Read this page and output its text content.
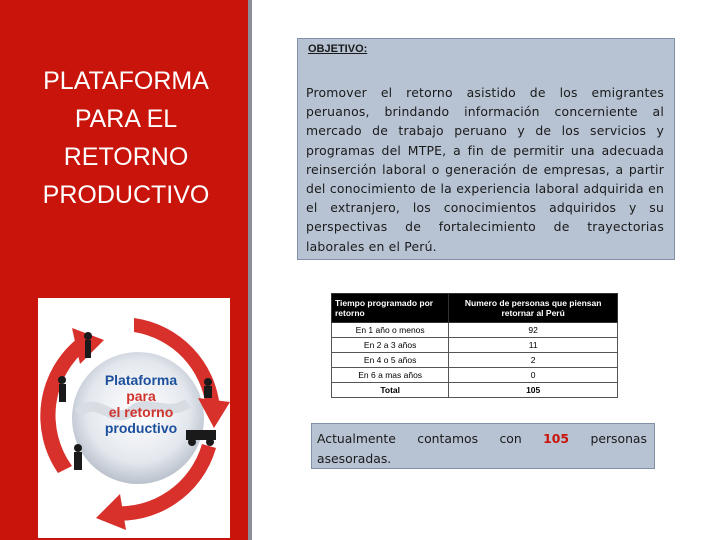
PLATAFORMA
PARA EL
RETORNO
PRODUCTIVO
Plataforma
para
el retorno
productivo
OBJETIVO:
Promover el retorno asistido de los emigrantes peruanos, brindando información concerniente al mercado de trabajo peruano y de los servicios y programas del MTPE, a fin de permitir una adecuada reinserción laboral o generación de empresas, a partir del conocimiento de la experiencia laboral adquirida en el extranjero, los conocimientos adquiridos y su perspectivas de fortalecimiento de trayectorias laborales en el Perú.
Tiempo programado por retorno	Numero de personas que piensan retornar al Perú
En 1 año o menos	92
En 2 a 3 años	11
En 4 o 5 años	2
En 6 a mas años	0
Total	105
Actualmente contamos con 105 personas asesoradas.
